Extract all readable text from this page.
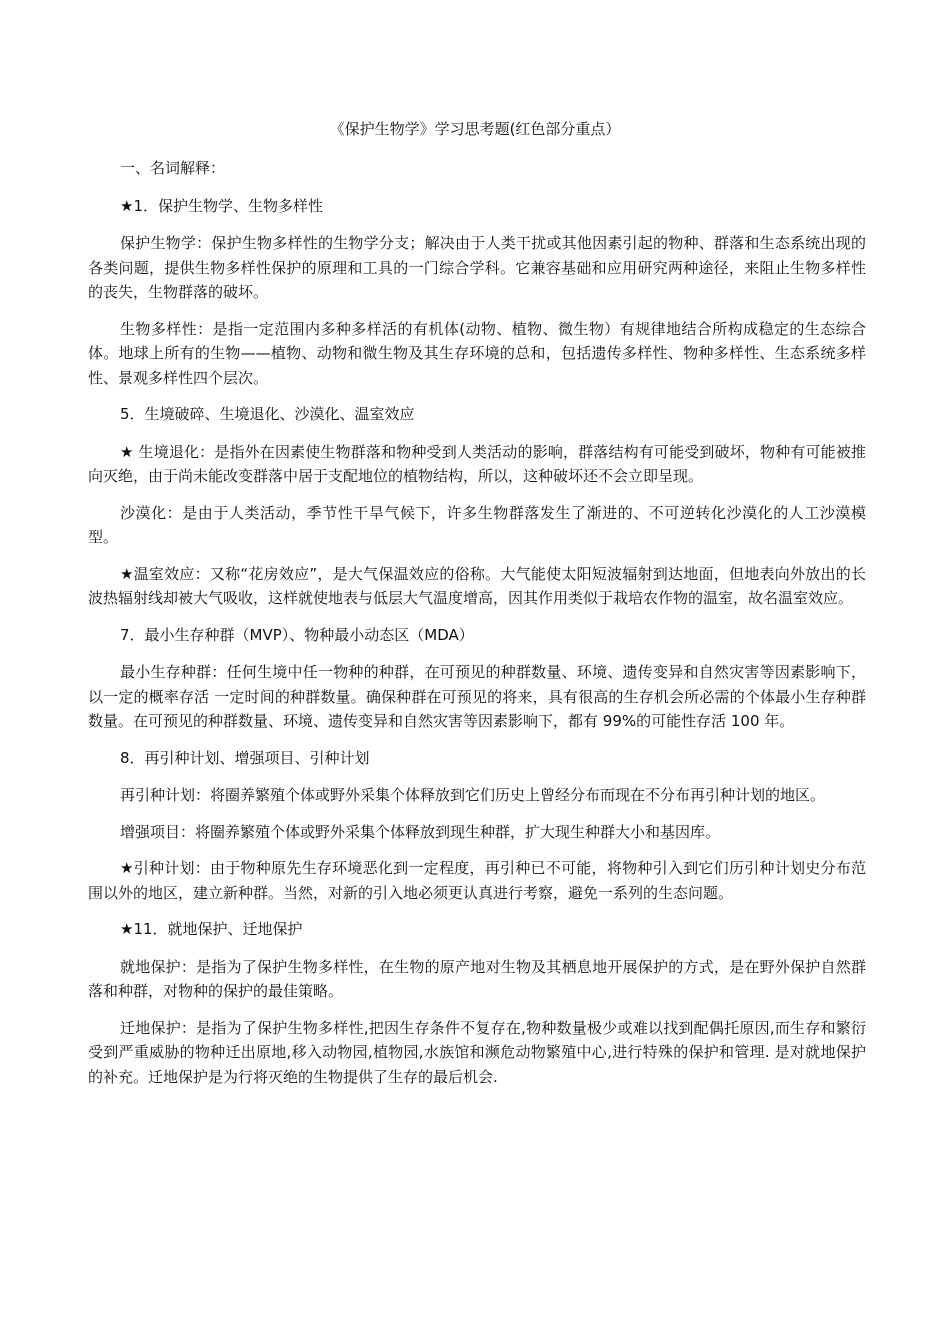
《保护生物学》学习思考题(红色部分重点）
一、名词解释：
★1．保护生物学、生物多样性
保护生物学：保护生物多样性的生物学分支；解决由于人类干扰或其他因素引起的物种、群落和生态系统出现的各类问题，提供生物多样性保护的原理和工具的一门综合学科。它兼容基础和应用研究两种途径，来阻止生物多样性的丧失，生物群落的破坏。
生物多样性：是指一定范围内多种多样活的有机体(动物、植物、微生物）有规律地结合所构成稳定的生态综合体。地球上所有的生物——植物、动物和微生物及其生存环境的总和，包括遗传多样性、物种多样性、生态系统多样性、景观多样性四个层次。
5．生境破碎、生境退化、沙漠化、温室效应
★ 生境退化：是指外在因素使生物群落和物种受到人类活动的影响，群落结构有可能受到破坏，物种有可能被推向灭绝，由于尚未能改变群落中居于支配地位的植物结构，所以，这种破坏还不会立即呈现。
沙漠化：是由于人类活动，季节性干旱气候下，许多生物群落发生了渐进的、不可逆转化沙漠化的人工沙漠模型。
★温室效应：又称“花房效应”，是大气保温效应的俗称。大气能使太阳短波辐射到达地面，但地表向外放出的长波热辐射线却被大气吸收，这样就使地表与低层大气温度增高，因其作用类似于栽培农作物的温室，故名温室效应。
7．最小生存种群（MVP）、物种最小动态区（MDA）
最小生存种群：任何生境中任一物种的种群，在可预见的种群数量、环境、遗传变异和自然灾害等因素影响下，以一定的概率存活 一定时间的种群数量。确保种群在可预见的将来，具有很高的生存机会所必需的个体最小生存种群数量。在可预见的种群数量、环境、遗传变异和自然灾害等因素影响下，都有 99%的可能性存活 100 年。
8．再引种计划、增强项目、引种计划
再引种计划：将圈养繁殖个体或野外采集个体释放到它们历史上曾经分布而现在不分布再引种计划的地区。
增强项目：将圈养繁殖个体或野外采集个体释放到现生种群，扩大现生种群大小和基因库。
★引种计划：由于物种原先生存环境恶化到一定程度，再引种已不可能，将物种引入到它们历引种计划史分布范围以外的地区，建立新种群。当然，对新的引入地必须更认真进行考察，避免一系列的生态问题。
★11．就地保护、迁地保护
就地保护：是指为了保护生物多样性，在生物的原产地对生物及其栖息地开展保护的方式，是在野外保护自然群落和种群，对物种的保护的最佳策略。
迁地保护：是指为了保护生物多样性,把因生存条件不复存在,物种数量极少或难以找到配偶托原因,而生存和繁衍受到严重威胁的物种迁出原地,移入动物园,植物园,水族馆和濒危动物繁殖中心,进行特殊的保护和管理. 是对就地保护的补充。迁地保护是为行将灭绝的生物提供了生存的最后机会.
